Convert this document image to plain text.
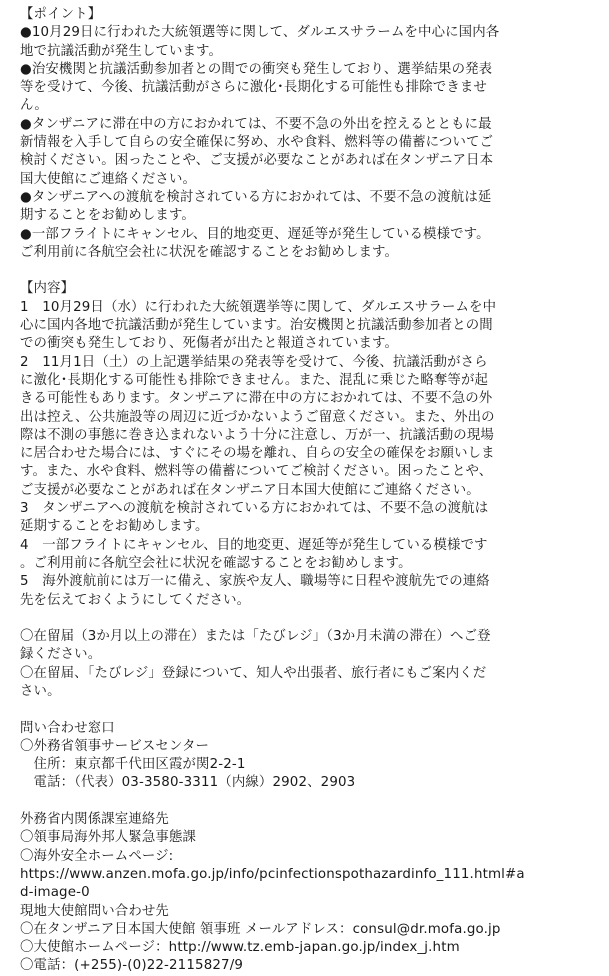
【ポイント】
●10月29日に行われた大統領選等に関して、ダルエスサラームを中心に国内各
地で抗議活動が発生しています。
●治安機関と抗議活動参加者との間での衝突も発生しており、選挙結果の発表
等を受けて、今後、抗議活動がさらに激化･長期化する可能性も排除できませ
ん。
●タンザニアに滞在中の方におかれては、不要不急の外出を控えるとともに最
新情報を入手して自らの安全確保に努め、水や食料、燃料等の備蓄についてご
検討ください。困ったことや、ご支援が必要なことがあれば在タンザニア日本
国大使館にご連絡ください。
●タンザニアへの渡航を検討されている方におかれては、不要不急の渡航は延
期することをお勧めします。
●一部フライトにキャンセル、目的地変更、遅延等が発生している模様です。
ご利用前に各航空会社に状況を確認することをお勧めします。
【内容】
1　10月29日（水）に行われた大統領選挙等に関して、ダルエスサラームを中
心に国内各地で抗議活動が発生しています。治安機関と抗議活動参加者との間
での衝突も発生しており、死傷者が出たと報道されています。
2　11月1日（土）の上記選挙結果の発表等を受けて、今後、抗議活動がさら
に激化･長期化する可能性も排除できません。また、混乱に乗じた略奪等が起
きる可能性もあります。タンザニアに滞在中の方におかれては、不要不急の外
出は控え、公共施設等の周辺に近づかないようご留意ください。また、外出の
際は不測の事態に巻き込まれないよう十分に注意し、万が一、抗議活動の現場
に居合わせた場合には、すぐにその場を離れ、自らの安全の確保をお願いしま
す。また、水や食料、燃料等の備蓄についてご検討ください。困ったことや、
ご支援が必要なことがあれば在タンザニア日本国大使館にご連絡ください。
3　タンザニアへの渡航を検討されている方におかれては、不要不急の渡航は
延期することをお勧めします。
4　一部フライトにキャンセル、目的地変更、遅延等が発生している模様です
。ご利用前に各航空会社に状況を確認することをお勧めします。
5　海外渡航前には万一に備え、家族や友人、職場等に日程や渡航先での連絡
先を伝えておくようにしてください。
〇在留届（3か月以上の滞在）または「たびレジ」（3か月未満の滞在）へご登
録ください。
〇在留届、「たびレジ」登録について、知人や出張者、旅行者にもご案内くだ
さい。
問い合わせ窓口
〇外務省領事サービスセンター
　住所：東京都千代田区霞が関2-2-1
　電話：（代表）03-3580-3311（内線）2902、2903
外務省内関係課室連絡先
〇領事局海外邦人緊急事態課
〇海外安全ホームページ:
https://www.anzen.mofa.go.jp/info/pcinfectionspothazardinfo_111.html#a
d-image-0
現地大使館問い合わせ先
〇在タンザニア日本国大使館 領事班 メールアドレス：consul@dr.mofa.go.jp
〇大使館ホームページ：http://www.tz.emb-japan.go.jp/index_j.htm
〇電話：(+255)-(0)22-2115827/9
